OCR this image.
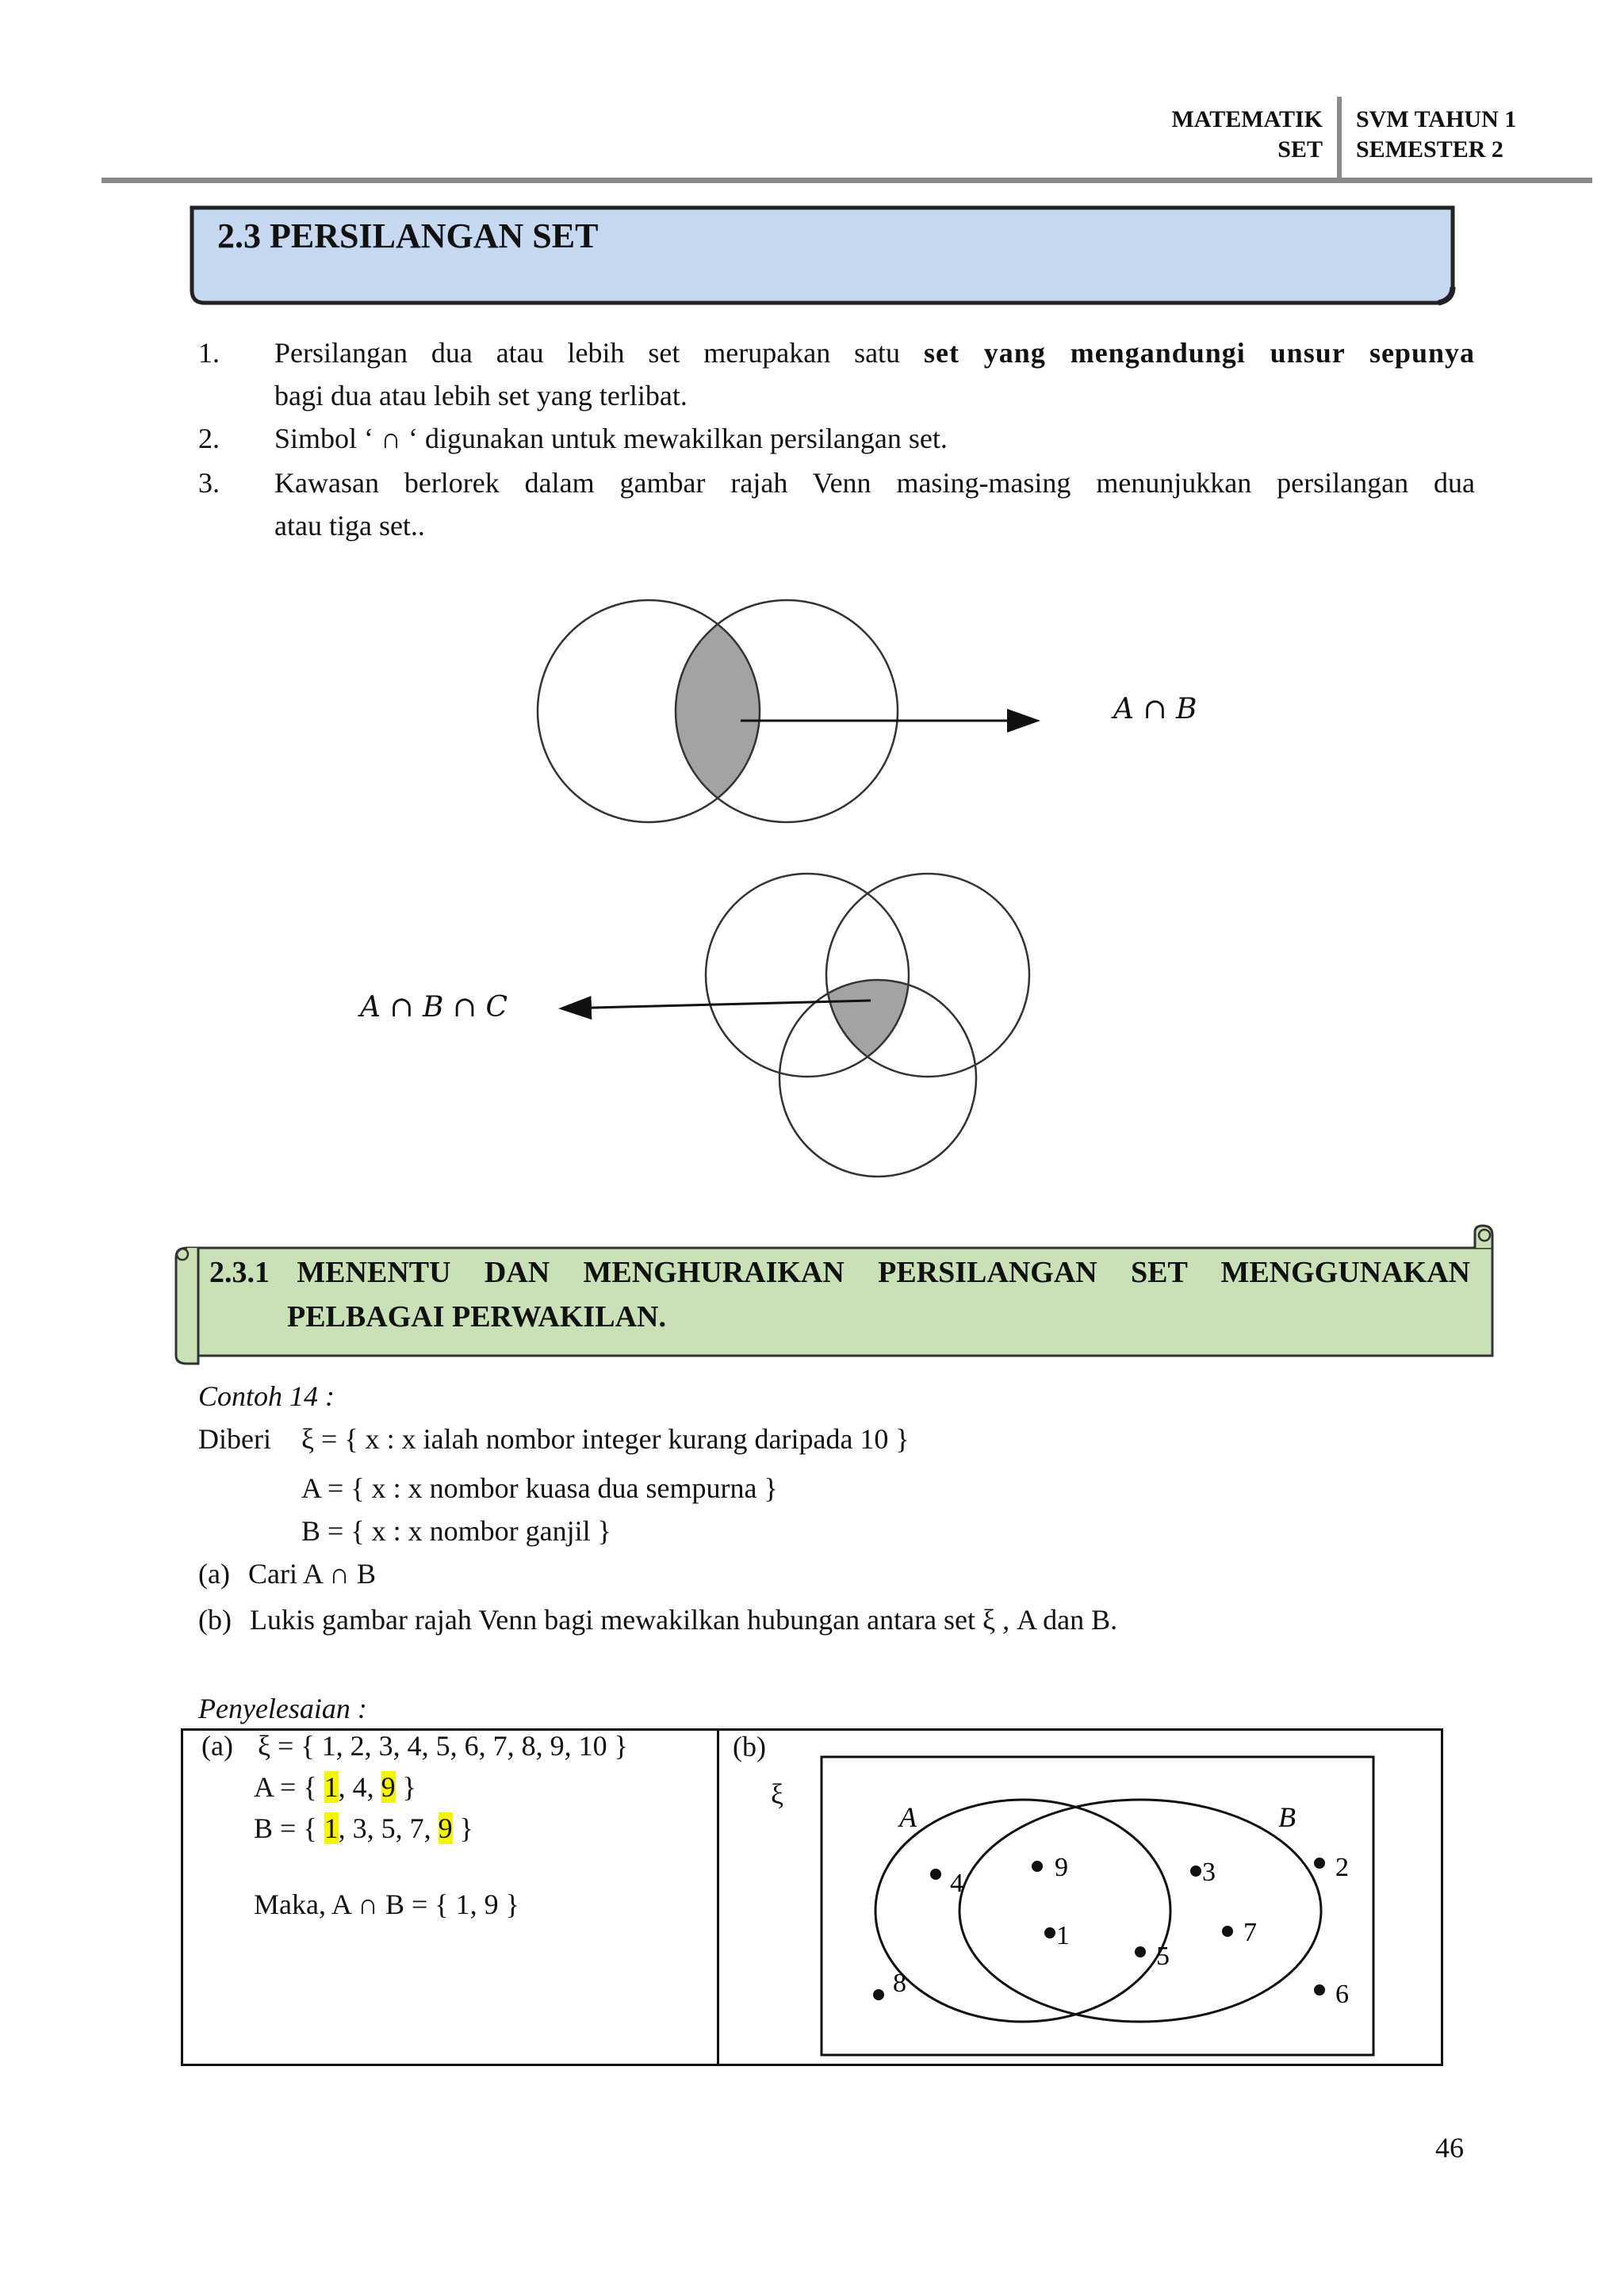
MATEMATIK
SET
SVM TAHUN 1
SEMESTER 2
2.3 PERSILANGAN SET
1. Persilangan dua atau lebih set merupakan satu set yang mengandungi unsur sepunya
bagi dua atau lebih set yang terlibat.
2. Simbol ‘ ∩ ‘ digunakan untuk mewakilkan persilangan set.
3. Kawasan berlorek dalam gambar rajah Venn masing-masing menunjukkan persilangan dua
atau tiga set..
A ∩ B
A ∩ B ∩ C
2.3.1 MENENTU DAN MENGHURAIKAN PERSILANGAN SET MENGGUNAKAN
PELBAGAI PERWAKILAN.
Contoh 14 :
Diberi ξ = { x : x ialah nombor integer kurang daripada 10 }
A = { x : x nombor kuasa dua sempurna }
B = { x : x nombor ganjil }
(a) Cari A ∩ B
(b) Lukis gambar rajah Venn bagi mewakilkan hubungan antara set ξ , A dan B.
Penyelesaian :
(a) ξ = { 1, 2, 3, 4, 5, 6, 7, 8, 9, 10 }
A = { 1, 4, 9 }
B = { 1, 3, 5, 7, 9 }
Maka, A ∩ B = { 1, 9 }
(b)
ξ
A	B
4
9	3	2
1	7
5
8	6
46
